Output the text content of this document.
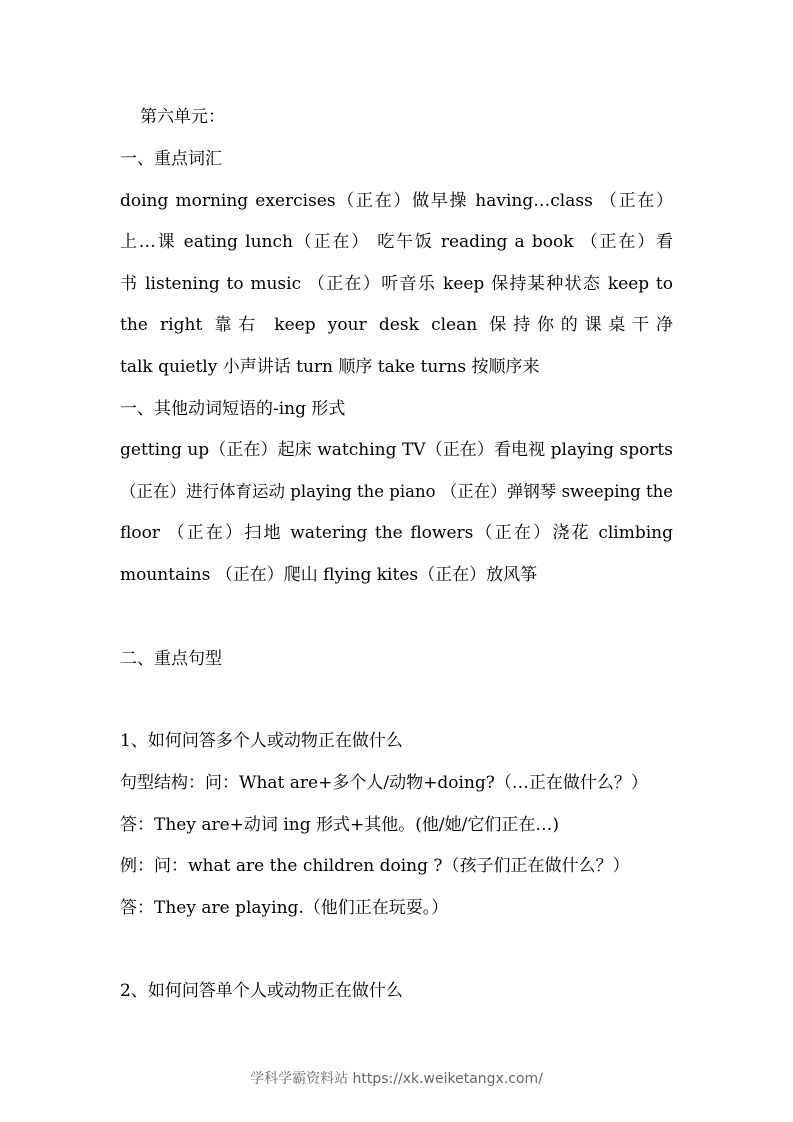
第六单元：
一、重点词汇
doing morning exercises（正在）做早操 having…class （正在）
上…课 eating lunch（正在） 吃午饭 reading a book （正在）看
书 listening to music （正在）听音乐 keep 保持某种状态 keep to
the right 靠右 keep your desk clean 保持你的课桌干净
talk quietly 小声讲话 turn 顺序 take turns 按顺序来
一、其他动词短语的-ing 形式
getting up（正在）起床 watching TV（正在）看电视 playing sports
（正在）进行体育运动 playing the piano （正在）弹钢琴 sweeping the
floor （正在）扫地 watering the flowers（正在）浇花 climbing
mountains （正在）爬山 flying kites（正在）放风筝
二、重点句型
1、如何问答多个人或动物正在做什么
句型结构：问：What are+多个人/动物+doing?（…正在做什么？）
答：They are+动词 ing 形式+其他。(他/她/它们正在…)
例：问：what are the children doing ?（孩子们正在做什么？）
答：They are playing.（他们正在玩耍。）
2、如何问答单个人或动物正在做什么
学科学霸资料站 https://xk.weiketangx.com/
